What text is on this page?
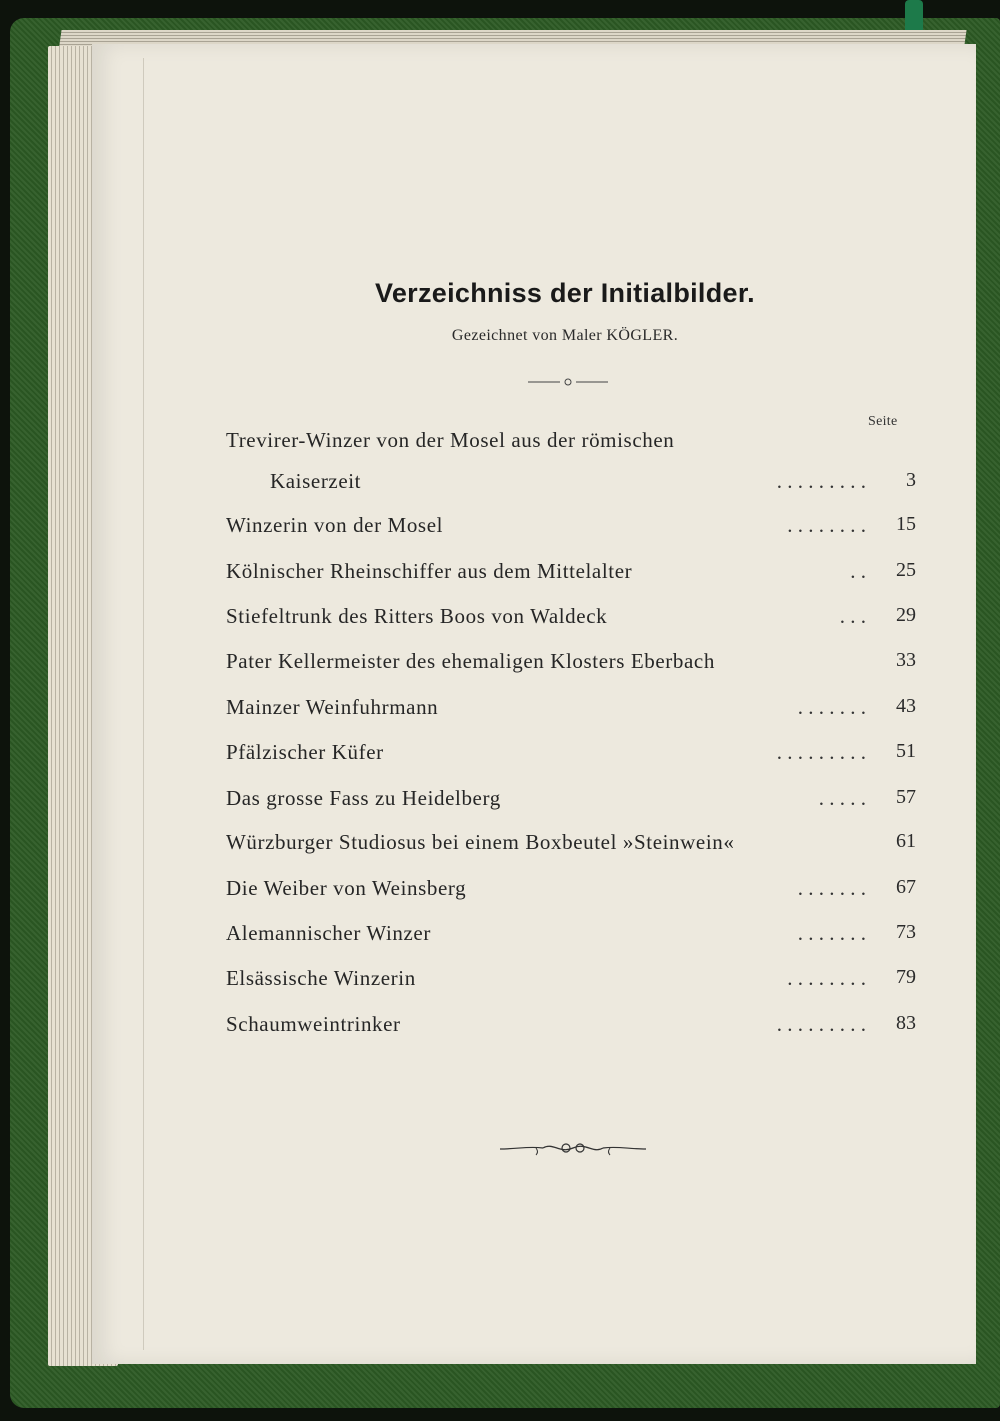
Verzeichniss der Initialbilder.
Gezeichnet von Maler KÖGLER.
Seite
Trevirer-Winzer von der Mosel aus der römischen
Kaiserzeit	. . . . . . . . .	3
Winzerin von der Mosel	. . . . . . . .	15
Kölnischer Rheinschiffer aus dem Mittelalter	. .	25
Stiefeltrunk des Ritters Boos von Waldeck	. . .	29
Pater Kellermeister des ehemaligen Klosters Eberbach	33
Mainzer Weinfuhrmann	. . . . . . .	43
Pfälzischer Küfer	. . . . . . . . .	51
Das grosse Fass zu Heidelberg	. . . . .	57
Würzburger Studiosus bei einem Boxbeutel »Steinwein«	61
Die Weiber von Weinsberg	. . . . . . .	67
Alemannischer Winzer	. . . . . . .	73
Elsässische Winzerin	. . . . . . . .	79
Schaumweintrinker	. . . . . . . . .	83
